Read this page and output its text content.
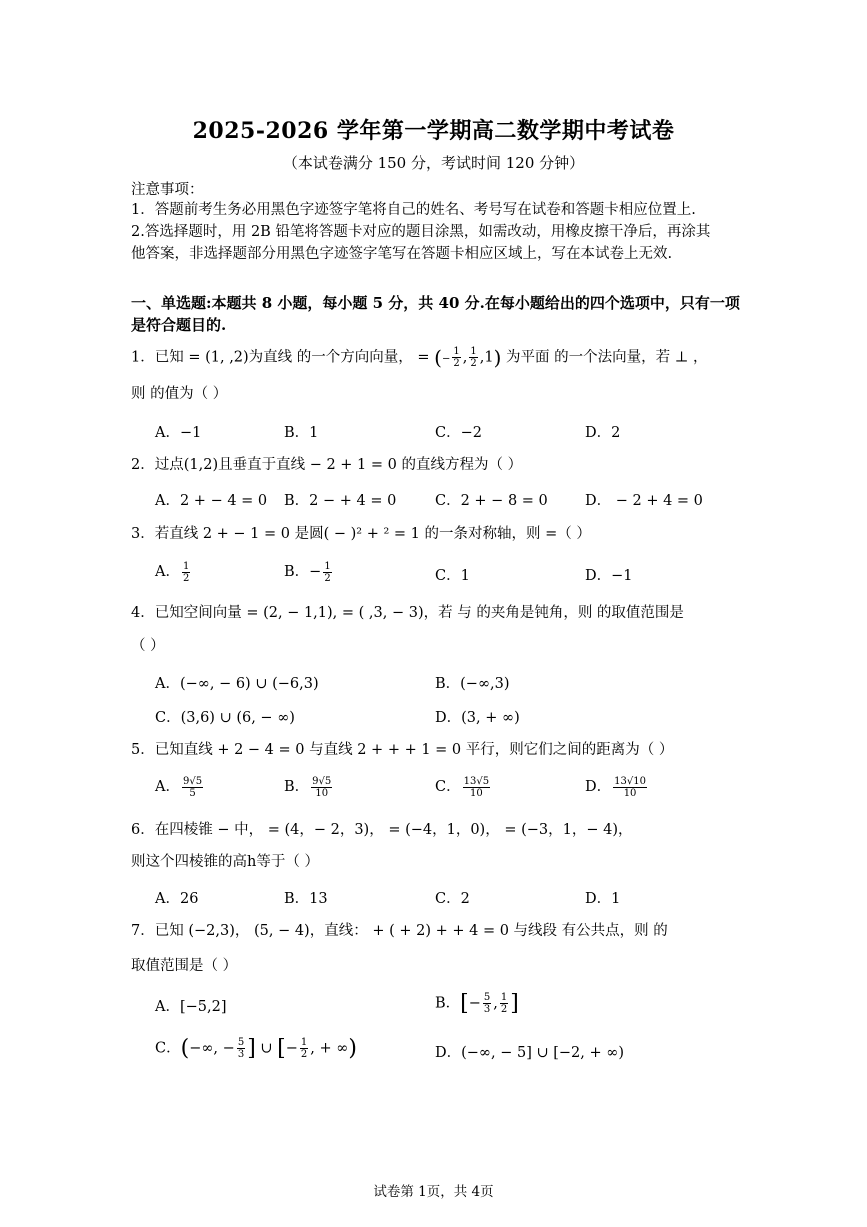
2025-2026 学年第一学期高二数学期中考试卷
（本试卷满分 150 分，考试时间 120 分钟）
注意事项：
1．答题前考生务必用黑色字迹签字笔将自己的姓名、考号写在试卷和答题卡相应位置上.
2.答选择题时，用 2B 铅笔将答题卡对应的题目涂黑，如需改动，用橡皮擦干净后，再涂其
他答案，非选择题部分用黑色字迹签字笔写在答题卡相应区域上，写在本试卷上无效.
一、单选题:本题共 8 小题，每小题 5 分，共 40 分.在每小题给出的四个选项中，只有一项
是符合题目的.
1．已知 = (1, ,2)为直线 的一个方向向量， = (− $\frac{1}{2}$ , $\frac{1}{2} ,1$) 为平面 的一个法向量，若 ⊥ ，
则 的值为（ ）
A．−1	B．1	C．−2	D．2
2．过点(1,2)且垂直于直线 − 2 + 1 = 0 的直线方程为（ ）
A．2 + − 4 = 0 B．2 − + 4 = 0	C．2 + − 8 = 0	D． − 2 + 4 = 0
3．若直线 2 + − 1 = 0 是圆( − )² + ² = 1 的一条对称轴，则 =（ ）
A． $\frac{1}{2}$	B．− $\frac{1}{2}$	C．1	D．−1
4．已知空间向量 = (2, − 1,1), = ( ,3, − 3)，若 与 的夹角是钝角，则 的取值范围是
（ ）
A．(−∞, − 6) ∪ (−6,3)	B．(−∞,3)
C．(3,6) ∪ (6, − ∞)	D．(3, + ∞)
5．已知直线 + 2 − 4 = 0 与直线 2 + + + 1 = 0 平行，则它们之间的距离为（ ）
A． $\frac{9√5}{5}$	B． $\frac{9√5}{10}$	C． $\frac{13√5}{10}$	D． $\frac{13√10}{10}$
6．在四棱锥 − 中， = (4，− 2，3)， = (−4，1，0)， = (−3，1，− 4)，
则这个四棱锥的高h等于（ ）
A．26	B．13	C．2	D．1
7．已知 (−2,3)， (5, − 4)，直线： + ( + 2) + + 4 = 0 与线段 有公共点，则 的
取值范围是（ ）
A．[−5,2]	B．[− $\frac{5}{3}$ , $\frac{1}{2}$ ]
C．(−∞, − $\frac{5}{3}$ ] ∪ [− $\frac{1}{2}$ , + ∞)	D．(−∞, − 5] ∪ [−2, + ∞)
试卷第 1页，共 4页
